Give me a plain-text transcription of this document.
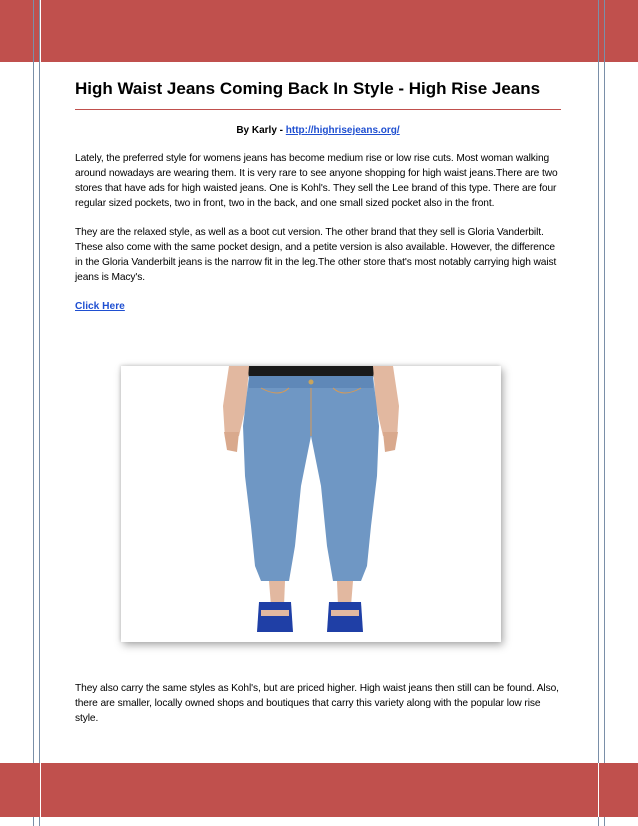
High Waist Jeans Coming Back In Style - High Rise Jeans
By Karly - http://highrisejeans.org/

Lately, the preferred style for womens jeans has become medium rise or low rise cuts. Most woman walking around nowadays are wearing them. It is very rare to see anyone shopping for high waist jeans.There are two stores that have ads for high waisted jeans. One is Kohl's. They sell the Lee brand of this type. There are four regular sized pockets, two in front, two in the back, and one small sized pocket also in the front.

They are the relaxed style, as well as a boot cut version. The other brand that they sell is Gloria Vanderbilt. These also come with the same pocket design, and a petite version is also available. However, the difference in the Gloria Vanderbilt jeans is the narrow fit in the leg.The other store that's most notably carrying high waist jeans is Macy's.

Click Here

They also carry the same styles as Kohl's, but are priced higher. High waist jeans then still can be found. Also, there are smaller, locally owned shops and boutiques that carry this variety along with the popular low rise style.
